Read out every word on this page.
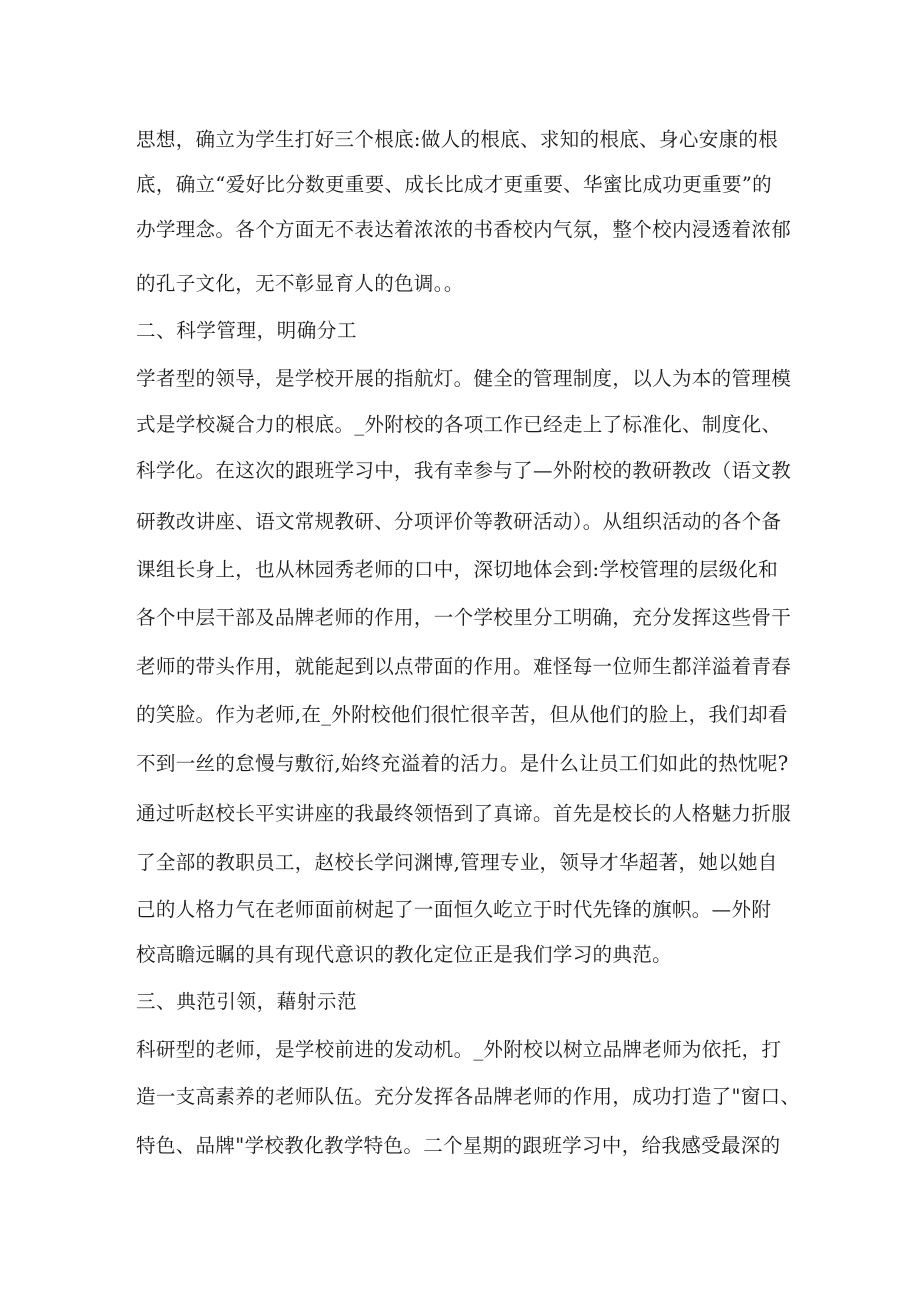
思想，确立为学生打好三个根底:做人的根底、求知的根底、身心安康的根
底，确立“爱好比分数更重要、成长比成才更重要、华蜜比成功更重要”的
办学理念。各个方面无不表达着浓浓的书香校内气氛，整个校内浸透着浓郁
的孔子文化，无不彰显育人的色调。。
二、科学管理，明确分工
学者型的领导，是学校开展的指航灯。健全的管理制度，以人为本的管理模
式是学校凝合力的根底。_外附校的各项工作已经走上了标准化、制度化、
科学化。在这次的跟班学习中，我有幸参与了—外附校的教研教改（语文教
研教改讲座、语文常规教研、分项评价等教研活动）。从组织活动的各个备
课组长身上，也从林园秀老师的口中，深切地体会到:学校管理的层级化和
各个中层干部及品牌老师的作用，一个学校里分工明确，充分发挥这些骨干
老师的带头作用，就能起到以点带面的作用。难怪每一位师生都洋溢着青春
的笑脸。作为老师,在_外附校他们很忙很辛苦，但从他们的脸上，我们却看
不到一丝的怠慢与敷衍,始终充溢着的活力。是什么让员工们如此的热忱呢?
通过听赵校长平实讲座的我最终领悟到了真谛。首先是校长的人格魅力折服
了全部的教职员工，赵校长学问渊博,管理专业，领导才华超著，她以她自
己的人格力气在老师面前树起了一面恒久屹立于时代先锋的旗帜。—外附
校高瞻远瞩的具有现代意识的教化定位正是我们学习的典范。
三、典范引领，藉射示范
科研型的老师，是学校前进的发动机。_外附校以树立品牌老师为依托，打
造一支高素养的老师队伍。充分发挥各品牌老师的作用，成功打造了"窗口、
特色、品牌"学校教化教学特色。二个星期的跟班学习中，给我感受最深的
